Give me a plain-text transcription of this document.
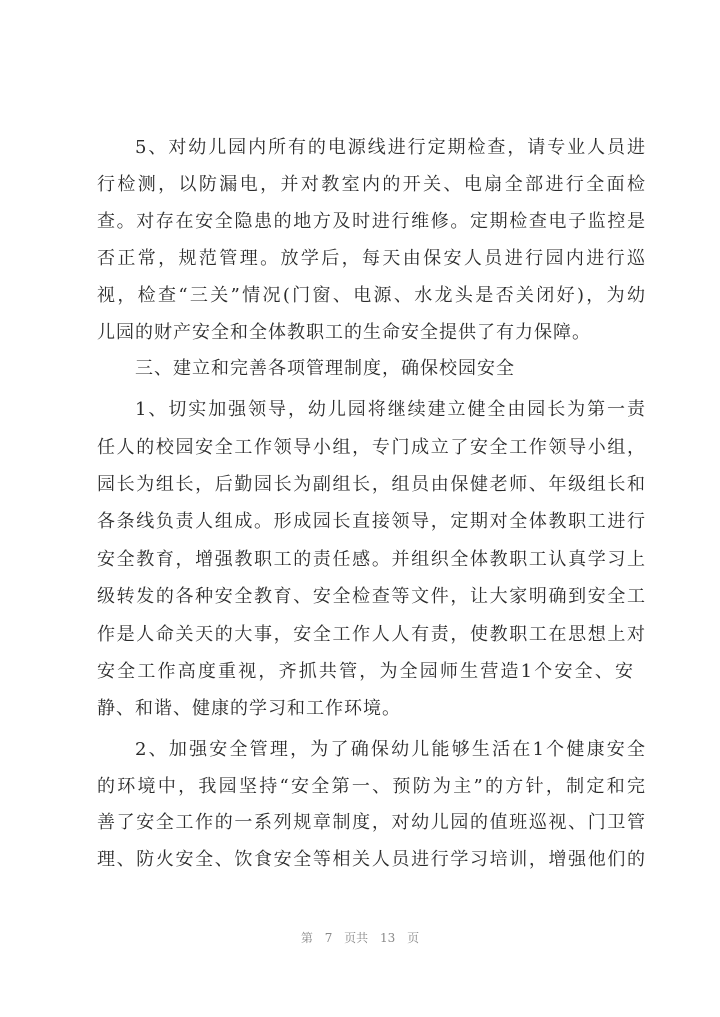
5、对幼儿园内所有的电源线进行定期检查，请专业人员进
行检测，以防漏电，并对教室内的开关、电扇全部进行全面检
查。对存在安全隐患的地方及时进行维修。定期检查电子监控是
否正常，规范管理。放学后，每天由保安人员进行园内进行巡
视，检查“三关”情况(门窗、电源、水龙头是否关闭好)，为幼
儿园的财产安全和全体教职工的生命安全提供了有力保障。
三、建立和完善各项管理制度，确保校园安全
1、切实加强领导，幼儿园将继续建立健全由园长为第一责
任人的校园安全工作领导小组，专门成立了安全工作领导小组，
园长为组长，后勤园长为副组长，组员由保健老师、年级组长和
各条线负责人组成。形成园长直接领导，定期对全体教职工进行
安全教育，增强教职工的责任感。并组织全体教职工认真学习上
级转发的各种安全教育、安全检查等文件，让大家明确到安全工
作是人命关天的大事，安全工作人人有责，使教职工在思想上对
安全工作高度重视，齐抓共管，为全园师生营造1个安全、安
静、和谐、健康的学习和工作环境。
2、加强安全管理，为了确保幼儿能够生活在1个健康安全
的环境中，我园坚持“安全第一、预防为主”的方针，制定和完
善了安全工作的一系列规章制度，对幼儿园的值班巡视、门卫管
理、防火安全、饮食安全等相关人员进行学习培训，增强他们的
第 7 页共 13 页
